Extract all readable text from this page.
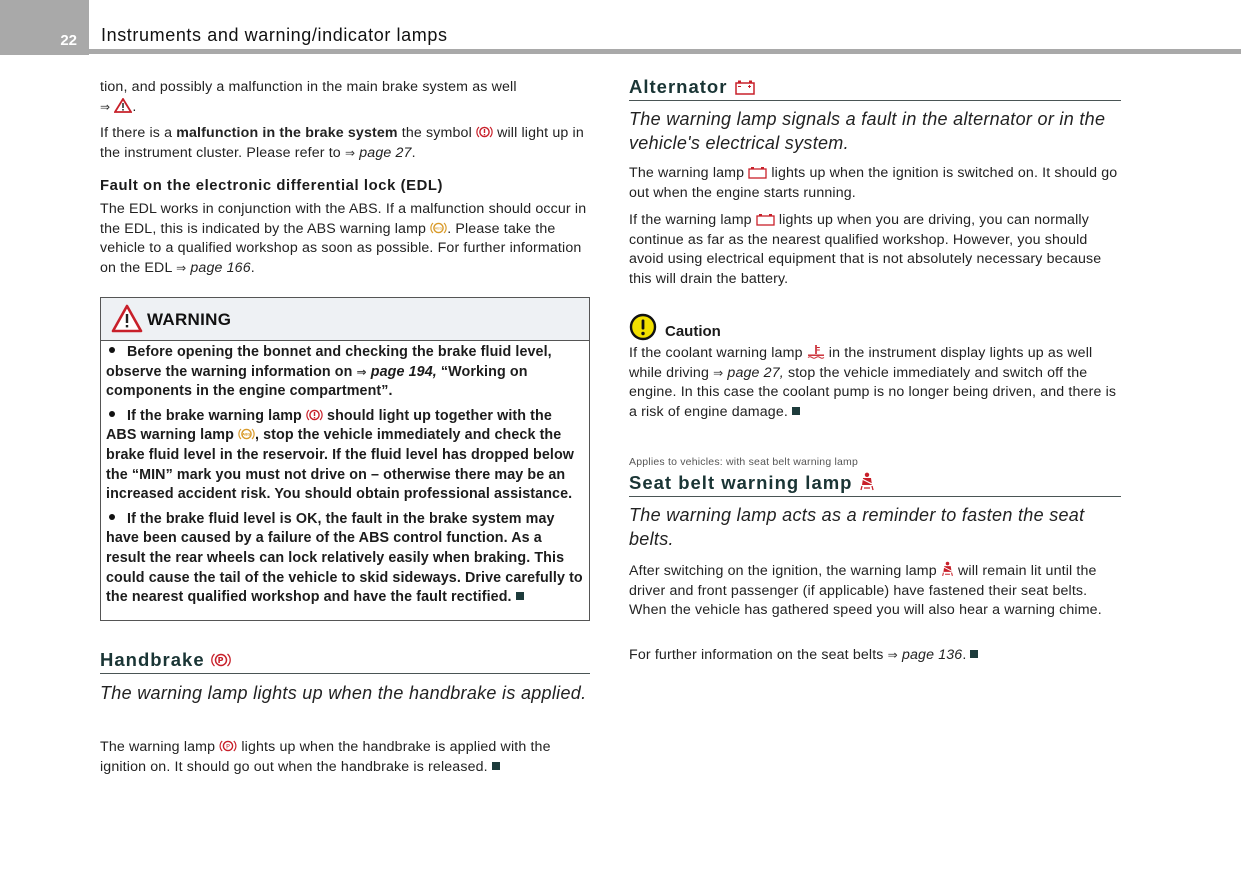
22 Instruments and warning/indicator lamps

tion, and possibly a malfunction in the main brake system as well
⇒ .

If there is a malfunction in the brake system the symbol  will light up in the instrument cluster. Please refer to ⇒ page 27.

Fault on the electronic differential lock (EDL)

The EDL works in conjunction with the ABS. If a malfunction should occur in the EDL, this is indicated by the ABS warning lamp ABS . Please take the vehicle to a qualified workshop as soon as possible. For further information on the EDL ⇒ page 166.

WARNING

Before opening the bonnet and checking the brake fluid level, observe the warning information on ⇒ page 194, “Working on components in the engine compartment”.

If the brake warning lamp  should light up together with the ABS warning lamp ABS , stop the vehicle immediately and check the brake fluid level in the reservoir. If the fluid level has dropped below the “MIN” mark you must not drive on – otherwise there may be an increased accident risk. You should obtain professional assistance.

If the brake fluid level is OK, the fault in the brake system may have been caused by a failure of the ABS control function. As a result the rear wheels can lock relatively easily when braking. This could cause the tail of the vehicle to skid sideways. Drive carefully to the nearest qualified workshop and have the fault rectified.

Handbrake P

The warning lamp lights up when the handbrake is applied.

The warning lamp P lights up when the handbrake is applied with the ignition on. It should go out when the handbrake is released.

Alternator

The warning lamp signals a fault in the alternator or in the vehicle's electrical system.

The warning lamp  lights up when the ignition is switched on. It should go out when the engine starts running.

If the warning lamp  lights up when you are driving, you can normally continue as far as the nearest qualified workshop. However, you should avoid using electrical equipment that is not absolutely necessary because this will drain the battery.

Caution

If the coolant warning lamp  in the instrument display lights up as well while driving ⇒ page 27, stop the vehicle immediately and switch off the engine. In this case the coolant pump is no longer being driven, and there is a risk of engine damage.

Applies to vehicles: with seat belt warning lamp
Seat belt warning lamp

The warning lamp acts as a reminder to fasten the seat belts.

After switching on the ignition, the warning lamp  will remain lit until the driver and front passenger (if applicable) have fastened their seat belts. When the vehicle has gathered speed you will also hear a warning chime.

For further information on the seat belts ⇒ page 136.
